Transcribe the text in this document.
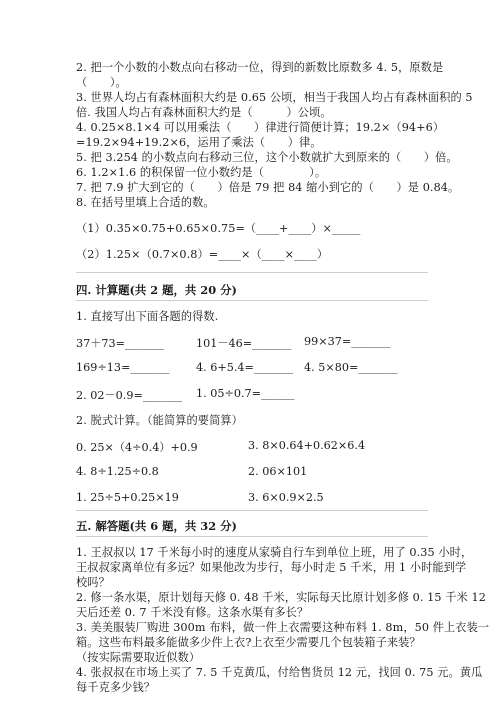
2. 把一个小数的小数点向右移动一位，得到的新数比原数多 4. 5，原数是
（　　）。
3. 世界人均占有森林面积大约是 0.65 公顷，相当于我国人均占有森林面积的 5
倍. 我国人均占有森林面积大约是（　　　）公顷。
4. 0.25×8.1×4 可以用乘法（　　）律进行简便计算；19.2×（94+6）
=19.2×94+19.2×6，运用了乘法（　　）律。
5. 把 3.254 的小数点向右移动三位，这个小数就扩大到原来的（　　）倍。
6. 1.2×1.6 的积保留一位小数约是（　　　　）。
7. 把 7.9 扩大到它的（　　）倍是 79 把 84 缩小到它的（　　）是 0.84。
8. 在括号里填上合适的数。
（1）0.35×0.75+0.65×0.75=（____+____）×_____
（2）1.25×（0.7×0.8）=____×（____×____）
四. 计算题(共 2 题，共 20 分)
1. 直接写出下面各题的得数.
37＋73=_______	101－46=_______ 99×37=_______
169÷13=_______ 4. 6+5.4=_______ 4. 5×80=_______
2. 02－0.9=_______ 1. 05÷0.7=______
2. 脱式计算。（能简算的要简算）
0. 25×（4÷0.4）+0.9	3. 8×0.64+0.62×6.4
4. 8÷1.25÷0.8	2. 06×101
1. 25÷5+0.25×19	3. 6×0.9×2.5
五. 解答题(共 6 题，共 32 分)
1. 王叔叔以 17 千米每小时的速度从家骑自行车到单位上班，用了 0.35 小时，
王叔叔家离单位有多远？如果他改为步行，每小时走 5 千米，用 1 小时能到学
校吗？
2. 修一条水渠，原计划每天修 0. 48 千米，实际每天比原计划多修 0. 15 千米 12
天后还差 0. 7 千米没有修。这条水渠有多长？
3. 美美服装厂购进 300m 布料，做一件上衣需要这种布料 1. 8m，50 件上衣装一
箱。这些布料最多能做多少件上衣?上衣至少需要几个包装箱子来装？
（按实际需要取近似数）
4. 张叔叔在市场上买了 7. 5 千克黄瓜，付给售货员 12 元，找回 0. 75 元。黄瓜
每千克多少钱？
